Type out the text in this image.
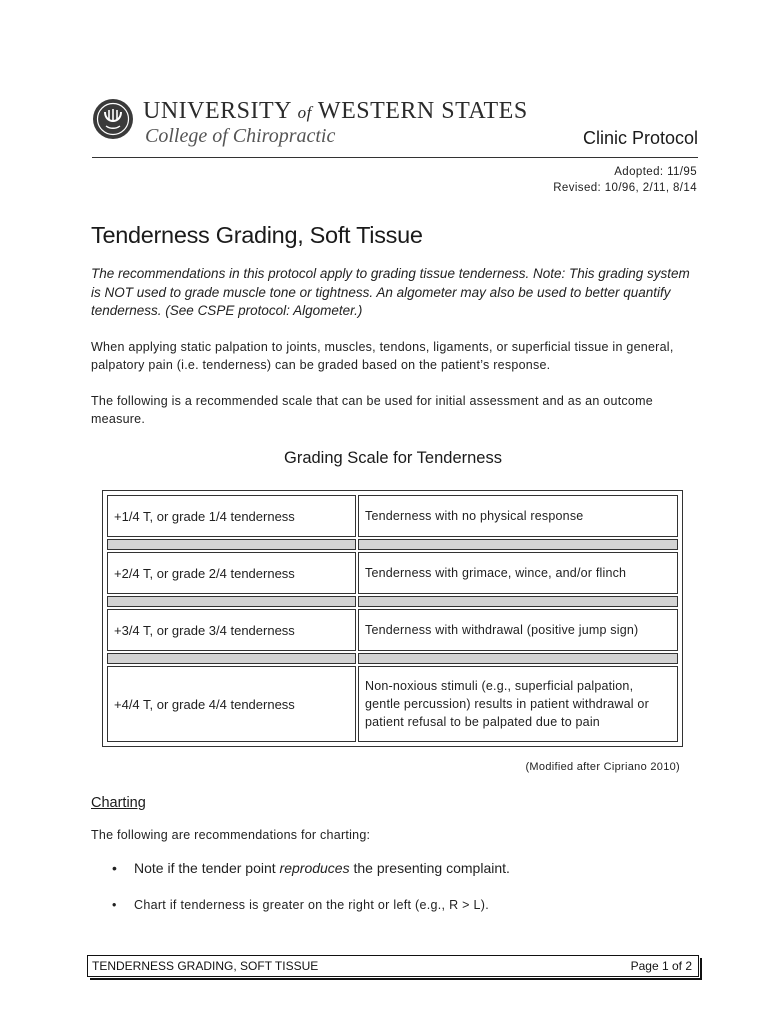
UNIVERSITY of WESTERN STATES
College of Chiropractic	Clinic Protocol
Adopted: 11/95
Revised: 10/96, 2/11, 8/14
Tenderness Grading, Soft Tissue
The recommendations in this protocol apply to grading tissue tenderness. Note: This grading system is NOT used to grade muscle tone or tightness. An algometer may also be used to better quantify tenderness. (See CSPE protocol: Algometer.)
When applying static palpation to joints, muscles, tendons, ligaments, or superficial tissue in general, palpatory pain (i.e. tenderness) can be graded based on the patient’s response.
The following is a recommended scale that can be used for initial assessment and as an outcome measure.
Grading Scale for Tenderness
+1/4 T, or grade 1/4 tenderness	Tenderness with no physical response

+2/4 T, or grade 2/4 tenderness	Tenderness with grimace, wince, and/or flinch

+3/4 T, or grade 3/4 tenderness	Tenderness with withdrawal (positive jump sign)

+4/4 T, or grade 4/4 tenderness	Non-noxious stimuli (e.g., superficial palpation, gentle percussion) results in patient withdrawal or patient refusal to be palpated due to pain
(Modified after Cipriano 2010)
Charting
The following are recommendations for charting:
• Note if the tender point reproduces the presenting complaint.
• Chart if tenderness is greater on the right or left (e.g., R > L).
TENDERNESS GRADING, SOFT TISSUE	Page 1 of 2
